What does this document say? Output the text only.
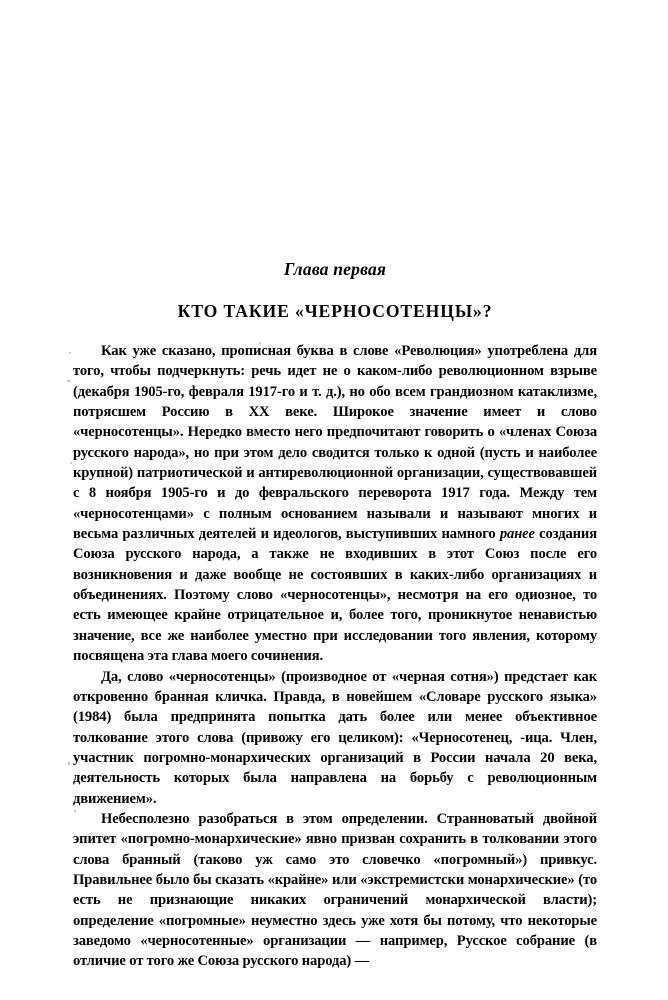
Глава первая
КТО ТАКИЕ «ЧЕРНОСОТЕНЦЫ»?

Как уже сказано, прописная буква в слове «Революция» употреблена для того, чтобы подчеркнуть: речь идет не о каком-либо революционном взрыве (декабря 1905-го, февраля 1917-го и т. д.), но обо всем грандиозном катаклизме, потрясшем Россию в XX веке. Широкое значение имеет и слово «черносотенцы». Нередко вместо него предпочитают говорить о «членах Союза русского народа», но при этом дело сводится только к одной (пусть и наиболее крупной) патриотической и антиреволюционной организации, существовавшей с 8 ноября 1905-го и до февральского переворота 1917 года. Между тем «черносотенцами» с полным основанием называли и называют многих и весьма различных деятелей и идеологов, выступивших намного ранее создания Союза русского народа, а также не входивших в этот Союз после его возникновения и даже вообще не состоявших в каких-либо организациях и объединениях. Поэтому слово «черносотенцы», несмотря на его одиозное, то есть имеющее крайне отрицательное и, более того, проникнутое ненавистью значение, все же наиболее уместно при исследовании того явления, которому посвящена эта глава моего сочинения.

Да, слово «черносотенцы» (производное от «черная сотня») предстает как откровенно бранная кличка. Правда, в новейшем «Словаре русского языка» (1984) была предпринята попытка дать более или менее объективное толкование этого слова (привожу его целиком): «Черносотенец, -ица. Член, участник погромно-монархических организаций в России начала 20 века, деятельность которых была направлена на борьбу с революционным движением».

Небесполезно разобраться в этом определении. Странноватый двойной эпитет «погромно-монархические» явно призван сохранить в толковании этого слова бранный (таково уж само это словечко «погромный») привкус. Правильнее было бы сказать «крайне» или «экстремистски монархические» (то есть не признающие никаких ограничений монархической власти); определение «погромные» неуместно здесь уже хотя бы потому, что некоторые заведомо «черносотенные» организации — например, Русское собрание (в отличие от того же Союза русского народа) —
